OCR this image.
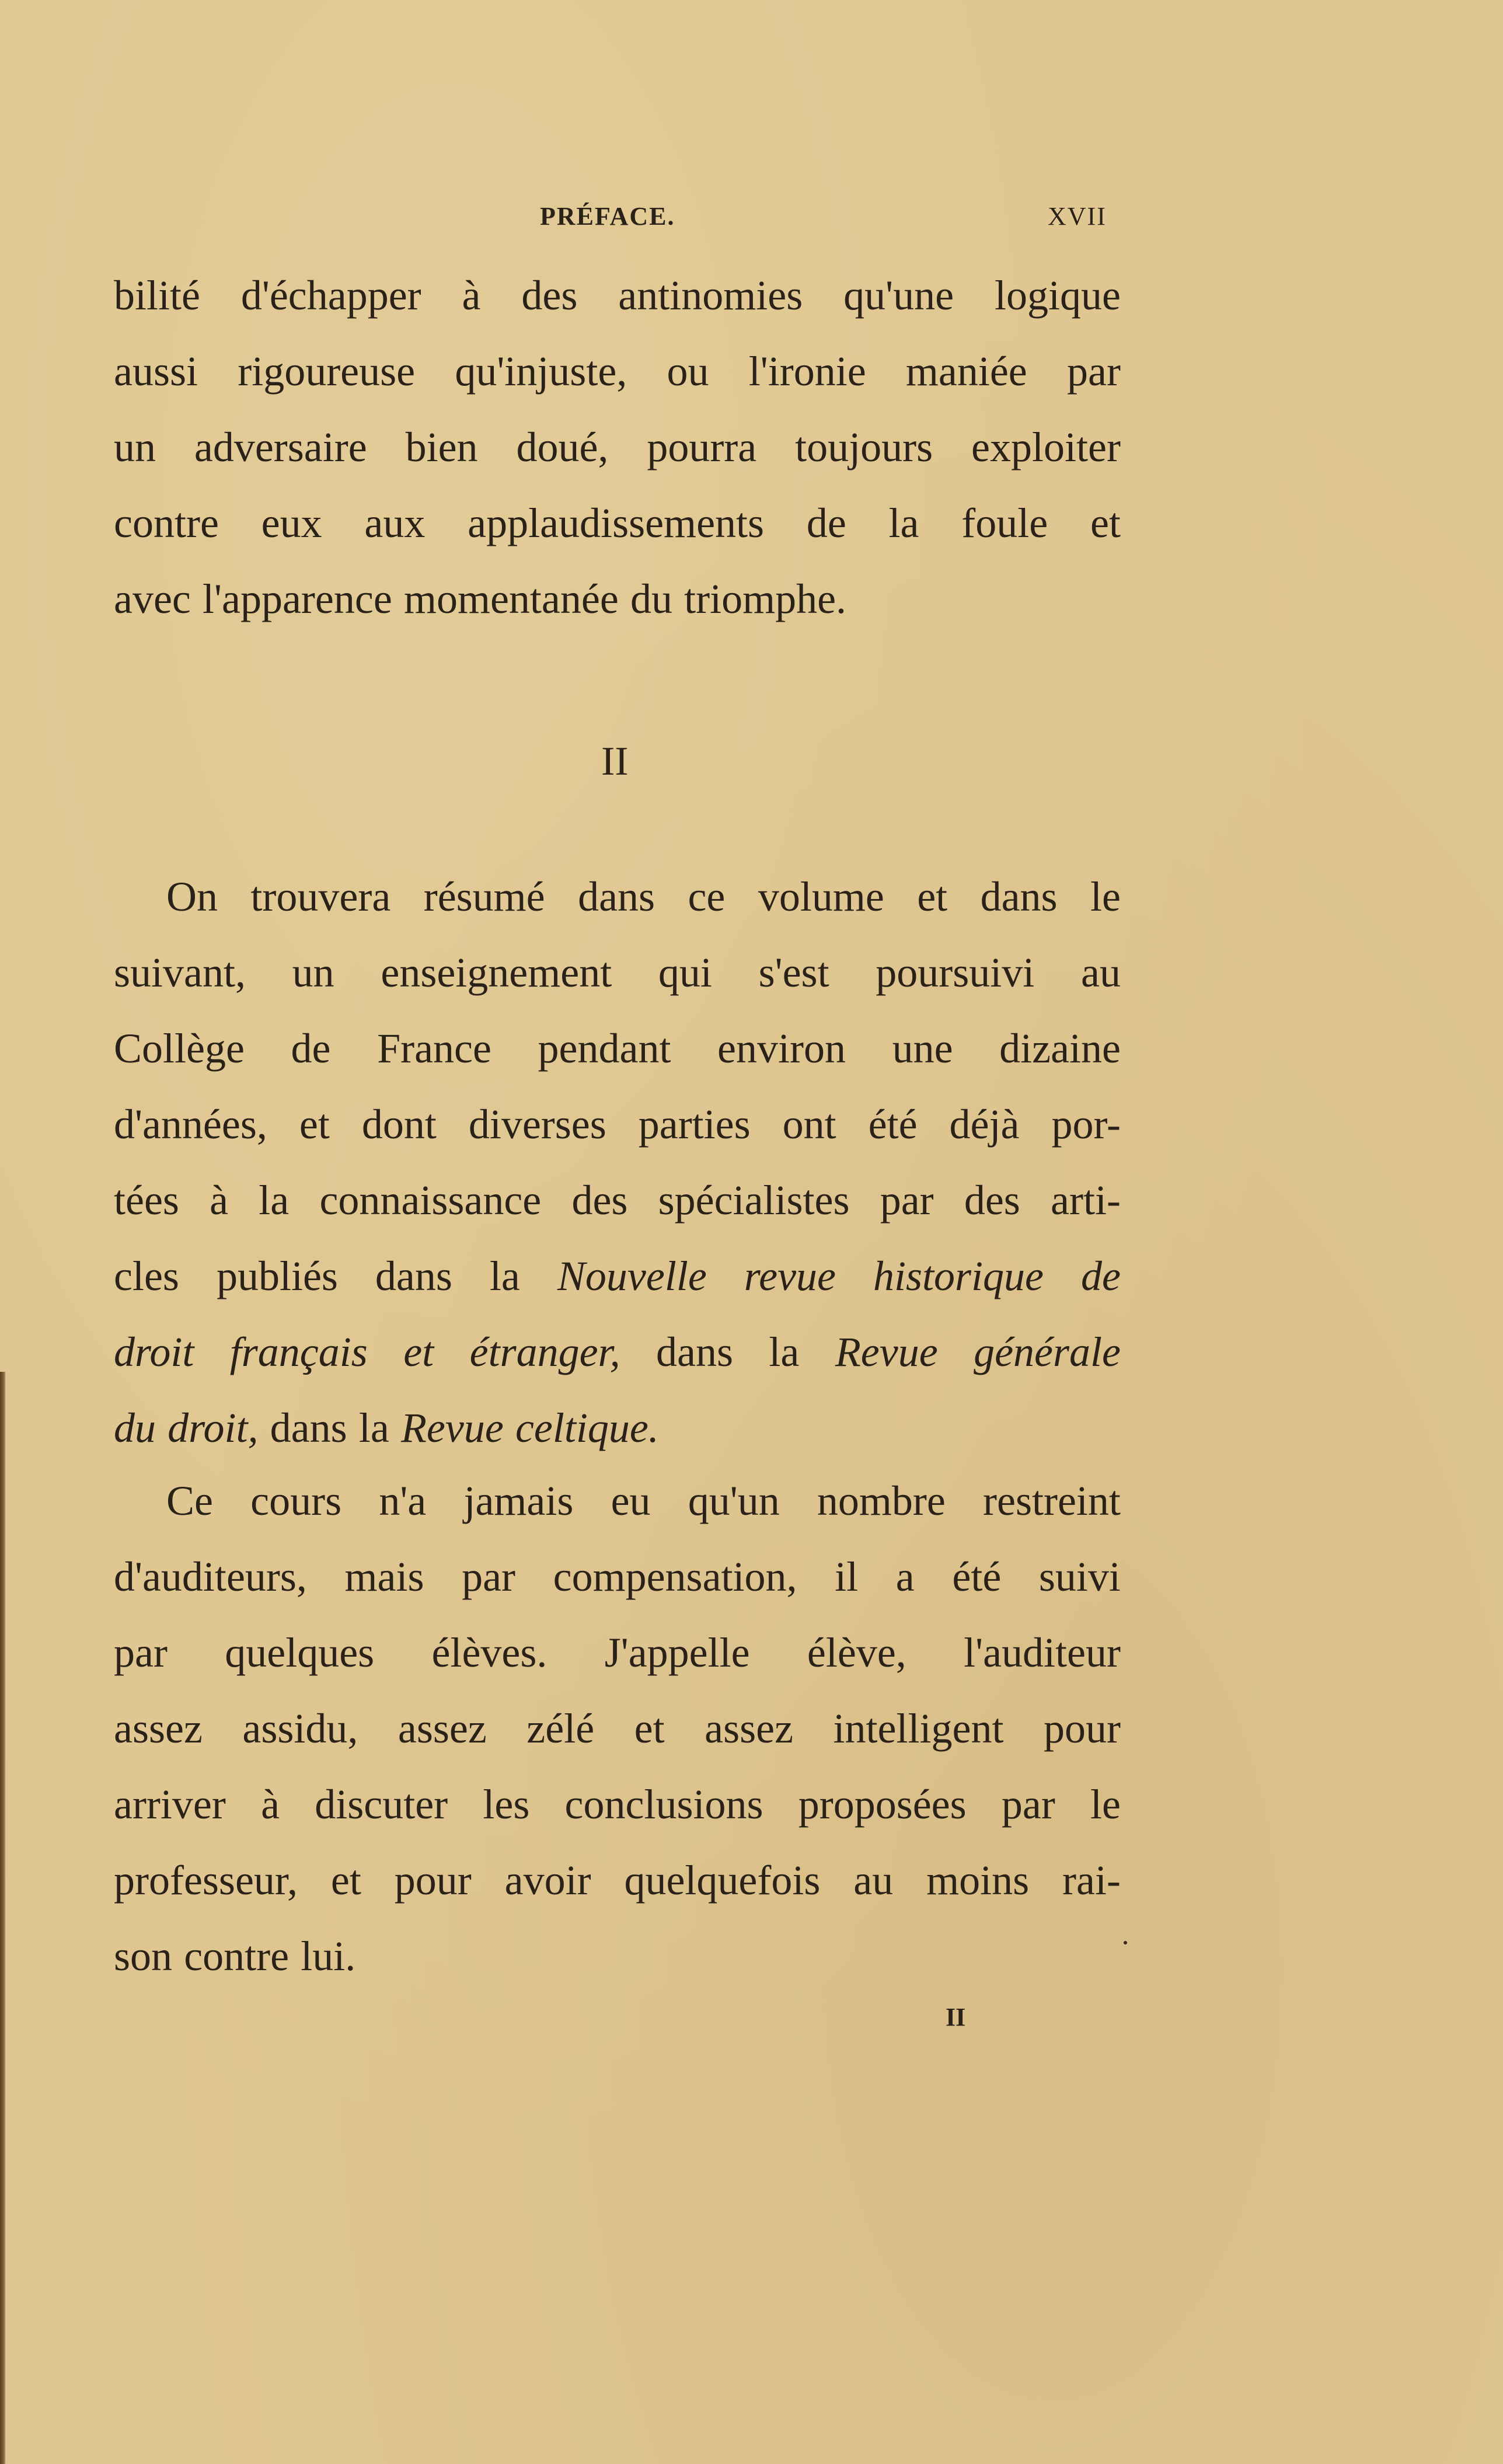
PRÉFACE.	XVII
bilité d'échapper à des antinomies qu'une logique
aussi rigoureuse qu'injuste, ou l'ironie maniée par
un adversaire bien doué, pourra toujours exploiter
contre eux aux applaudissements de la foule et
avec l'apparence momentanée du triomphe.
II
On trouvera résumé dans ce volume et dans le
suivant, un enseignement qui s'est poursuivi au
Collège de France pendant environ une dizaine
d'années, et dont diverses parties ont été déjà por-
tées à la connaissance des spécialistes par des arti-
cles publiés dans la Nouvelle revue historique de
droit français et étranger, dans la Revue générale
du droit, dans la Revue celtique.
Ce cours n'a jamais eu qu'un nombre restreint
d'auditeurs, mais par compensation, il a été suivi
par quelques élèves. J'appelle élève, l'auditeur
assez assidu, assez zélé et assez intelligent pour
arriver à discuter les conclusions proposées par le
professeur, et pour avoir quelquefois au moins rai-
son contre lui.
II
